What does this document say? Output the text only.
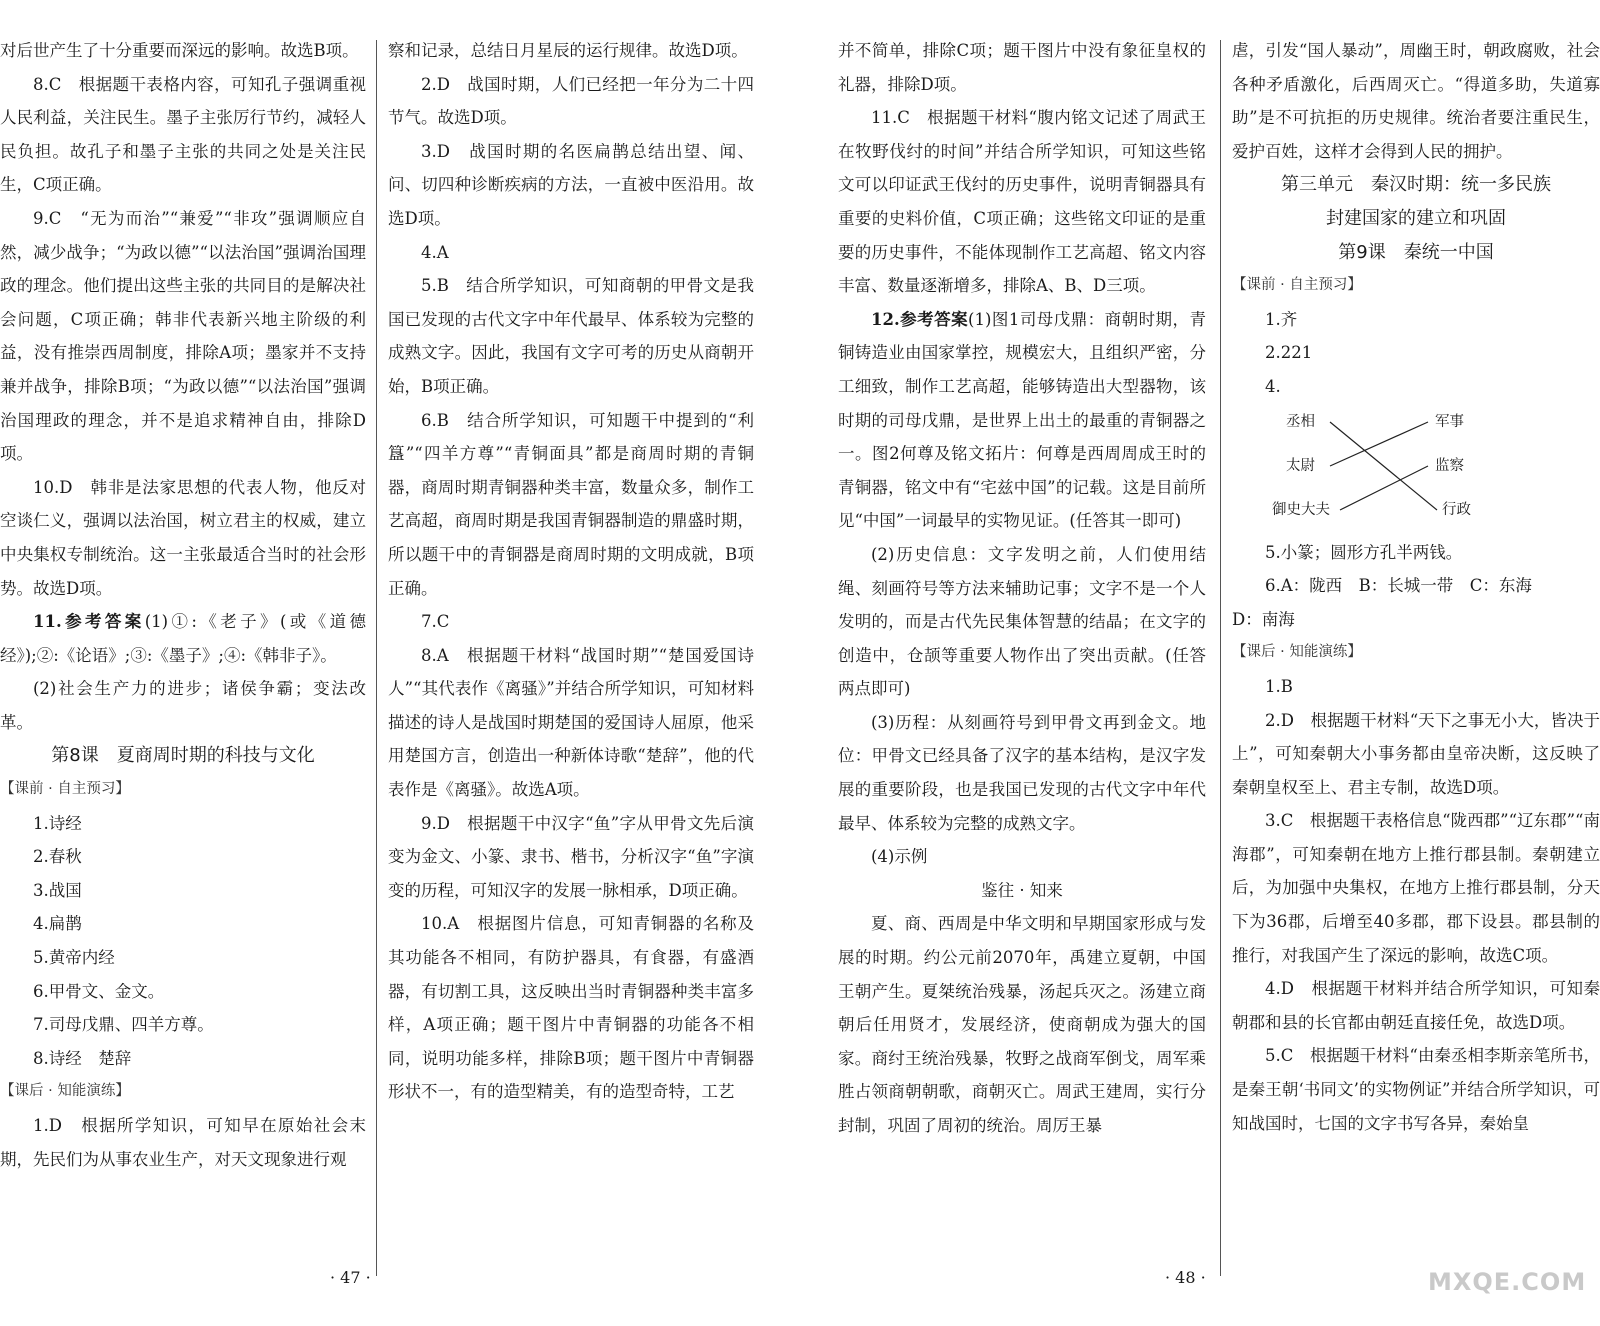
对后世产生了十分重要而深远的影响。故选B项。

8.C　根据题干表格内容，可知孔子强调重视人民利益，关注民生。墨子主张厉行节约，减轻人民负担。故孔子和墨子主张的共同之处是关注民生，C项正确。

9.C　“无为而治”“兼爱”“非攻”强调顺应自然，减少战争；“为政以德”“以法治国”强调治国理政的理念。他们提出这些主张的共同目的是解决社会问题，C项正确；韩非代表新兴地主阶级的利益，没有推崇西周制度，排除A项；墨家并不支持兼并战争，排除B项；“为政以德”“以法治国”强调治国理政的理念，并不是追求精神自由，排除D项。

10.D　韩非是法家思想的代表人物，他反对空谈仁义，强调以法治国，树立君主的权威，建立中央集权专制统治。这一主张最适合当时的社会形势。故选D项。

11.参考答案(1)①:《老子》(或《道德经》);②:《论语》;③:《墨子》;④:《韩非子》。

(2)社会生产力的进步；诸侯争霸；变法改革。

第8课　夏商周时期的科技与文化

【课前 · 自主预习】

1.诗经

2.春秋

3.战国

4.扁鹊

5.黄帝内经

6.甲骨文、金文。

7.司母戊鼎、四羊方尊。

8.诗经　楚辞

【课后 · 知能演练】

1.D　根据所学知识，可知早在原始社会末期，先民们为从事农业生产，对天文现象进行观

察和记录，总结日月星辰的运行规律。故选D项。

2.D　战国时期，人们已经把一年分为二十四节气。故选D项。

3.D　战国时期的名医扁鹊总结出望、闻、问、切四种诊断疾病的方法，一直被中医沿用。故选D项。

4.A

5.B　结合所学知识，可知商朝的甲骨文是我国已发现的古代文字中年代最早、体系较为完整的成熟文字。因此，我国有文字可考的历史从商朝开始，B项正确。

6.B　结合所学知识，可知题干中提到的“利簋”“四羊方尊”“青铜面具”都是商周时期的青铜器，商周时期青铜器种类丰富，数量众多，制作工艺高超，商周时期是我国青铜器制造的鼎盛时期，所以题干中的青铜器是商周时期的文明成就，B项正确。

7.C

8.A　根据题干材料“战国时期”“楚国爱国诗人”“其代表作《离骚》”并结合所学知识，可知材料描述的诗人是战国时期楚国的爱国诗人屈原，他采用楚国方言，创造出一种新体诗歌“楚辞”，他的代表作是《离骚》。故选A项。

9.D　根据题干中汉字“鱼”字从甲骨文先后演变为金文、小篆、隶书、楷书，分析汉字“鱼”字演变的历程，可知汉字的发展一脉相承，D项正确。

10.A　根据图片信息，可知青铜器的名称及其功能各不相同，有防护器具，有食器，有盛酒器，有切割工具，这反映出当时青铜器种类丰富多样，A项正确；题干图片中青铜器的功能各不相同，说明功能多样，排除B项；题干图片中青铜器形状不一，有的造型精美，有的造型奇特，工艺

并不简单，排除C项；题干图片中没有象征皇权的礼器，排除D项。

11.C　根据题干材料“腹内铭文记述了周武王在牧野伐纣的时间”并结合所学知识，可知这些铭文可以印证武王伐纣的历史事件，说明青铜器具有重要的史料价值，C项正确；这些铭文印证的是重要的历史事件，不能体现制作工艺高超、铭文内容丰富、数量逐渐增多，排除A、B、D三项。

12.参考答案(1)图1司母戊鼎：商朝时期，青铜铸造业由国家掌控，规模宏大，且组织严密，分工细致，制作工艺高超，能够铸造出大型器物，该时期的司母戊鼎，是世界上出土的最重的青铜器之一。图2何尊及铭文拓片：何尊是西周周成王时的青铜器，铭文中有“宅兹中国”的记载。这是目前所见“中国”一词最早的实物见证。(任答其一即可)

(2)历史信息：文字发明之前，人们使用结绳、刻画符号等方法来辅助记事；文字不是一个人发明的，而是古代先民集体智慧的结晶；在文字的创造中，仓颉等重要人物作出了突出贡献。(任答两点即可)

(3)历程：从刻画符号到甲骨文再到金文。地位：甲骨文已经具备了汉字的基本结构，是汉字发展的重要阶段，也是我国已发现的古代文字中年代最早、体系较为完整的成熟文字。

(4)示例

鉴往 · 知来

夏、商、西周是中华文明和早期国家形成与发展的时期。约公元前2070年，禹建立夏朝，中国王朝产生。夏桀统治残暴，汤起兵灭之。汤建立商朝后任用贤才，发展经济，使商朝成为强大的国家。商纣王统治残暴，牧野之战商军倒戈，周军乘胜占领商朝朝歌，商朝灭亡。周武王建周，实行分封制，巩固了周初的统治。周厉王暴

虐，引发“国人暴动”，周幽王时，朝政腐败，社会各种矛盾激化，后西周灭亡。“得道多助，失道寡助”是不可抗拒的历史规律。统治者要注重民生，爱护百姓，这样才会得到人民的拥护。

第三单元　秦汉时期：统一多民族

封建国家的建立和巩固

第9课　秦统一中国

【课前 · 自主预习】

1.齐

2.221

4.

丞相
太尉
御史大夫
军事
监察
行政

5.小篆；圆形方孔半两钱。

6.A：陇西　B：长城一带　C：东海

D：南海

【课后 · 知能演练】

1.B

2.D　根据题干材料“天下之事无小大，皆决于上”，可知秦朝大小事务都由皇帝决断，这反映了秦朝皇权至上、君主专制，故选D项。

3.C　根据题干表格信息“陇西郡”“辽东郡”“南海郡”，可知秦朝在地方上推行郡县制。秦朝建立后，为加强中央集权，在地方上推行郡县制，分天下为36郡，后增至40多郡，郡下设县。郡县制的推行，对我国产生了深远的影响，故选C项。

4.D　根据题干材料并结合所学知识，可知秦朝郡和县的长官都由朝廷直接任免，故选D项。

5.C　根据题干材料“由秦丞相李斯亲笔所书，是秦王朝‘书同文’的实物例证”并结合所学知识，可知战国时，七国的文字书写各异，秦始皇

· 47 ·	· 48 ·	MXQE.COM
